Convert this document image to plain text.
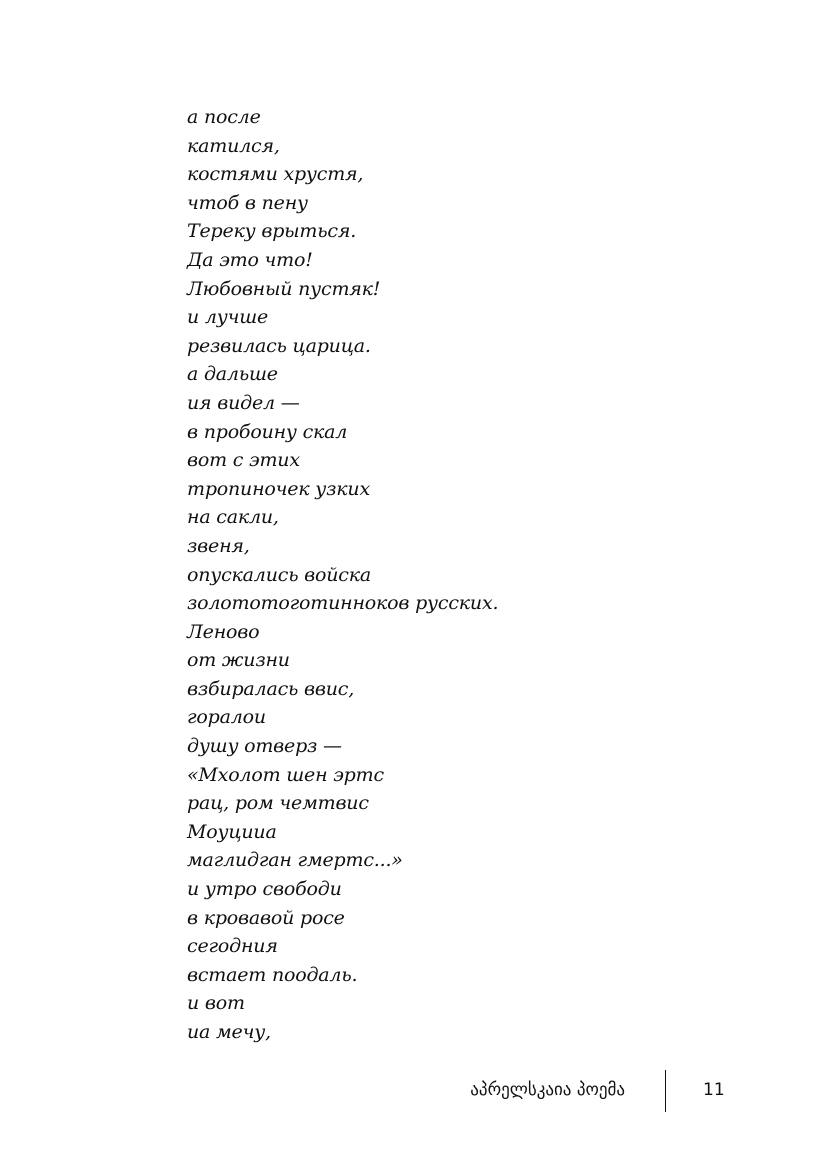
а после
катился,
костями хрустя,
чтоб в пену
Тереку врыться.
Да это что!
Любовный пустяк!
и лучше
резвилась царица.
а дальше
ия видел —
в пробоину скал
вот с этих
тропиночек узких
на сакли,
звеня,
опускались войска
золототоготинноков русских.
Леново
от жизни
взбиралась ввис,
горалои
душу отверз —
«Мхолот шен эртс
рац, ром чемтвис
Моуцииа
маглидган гмертс...»
и утро свободи
в кровавой росе
сегодния
встает поодаль.
и вот
иа мечу,
აპრელსკაია პოემა	11
